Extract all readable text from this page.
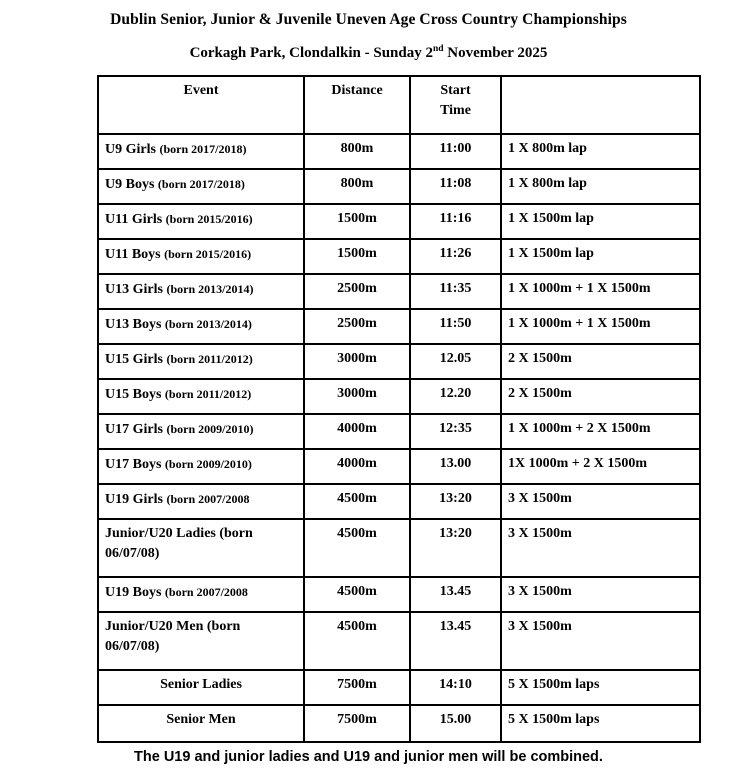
Dublin Senior, Junior & Juvenile Uneven Age Cross Country Championships
Corkagh Park, Clondalkin - Sunday 2nd November 2025
Event	Distance	Start
Time	

U9 Girls (born 2017/2018)	800m	11:00	1 X 800m lap
U9 Boys (born 2017/2018)	800m	11:08	1 X 800m lap
U11 Girls (born 2015/2016)	1500m	11:16	1 X 1500m lap
U11 Boys (born 2015/2016)	1500m	11:26	1 X 1500m lap
U13 Girls (born 2013/2014)	2500m	11:35	1 X 1000m + 1 X 1500m
U13 Boys (born 2013/2014)	2500m	11:50	1 X 1000m + 1 X 1500m
U15 Girls (born 2011/2012)	3000m	12.05	2 X 1500m
U15 Boys (born 2011/2012)	3000m	12.20	2 X 1500m
U17 Girls (born 2009/2010)	4000m	12:35	1 X 1000m + 2 X 1500m
U17 Boys (born 2009/2010)	4000m	13.00	1X 1000m + 2 X 1500m
U19 Girls (born 2007/2008	4500m	13:20	3 X 1500m
Junior/U20 Ladies (born 06/07/08)	4500m	13:20	3 X 1500m
U19 Boys (born 2007/2008	4500m	13.45	3 X 1500m
Junior/U20 Men (born 06/07/08)	4500m	13.45	3 X 1500m
Senior Ladies	7500m	14:10	5 X 1500m laps
Senior Men	7500m	15.00	5 X 1500m laps
The U19 and junior ladies and U19 and junior men will be combined.
